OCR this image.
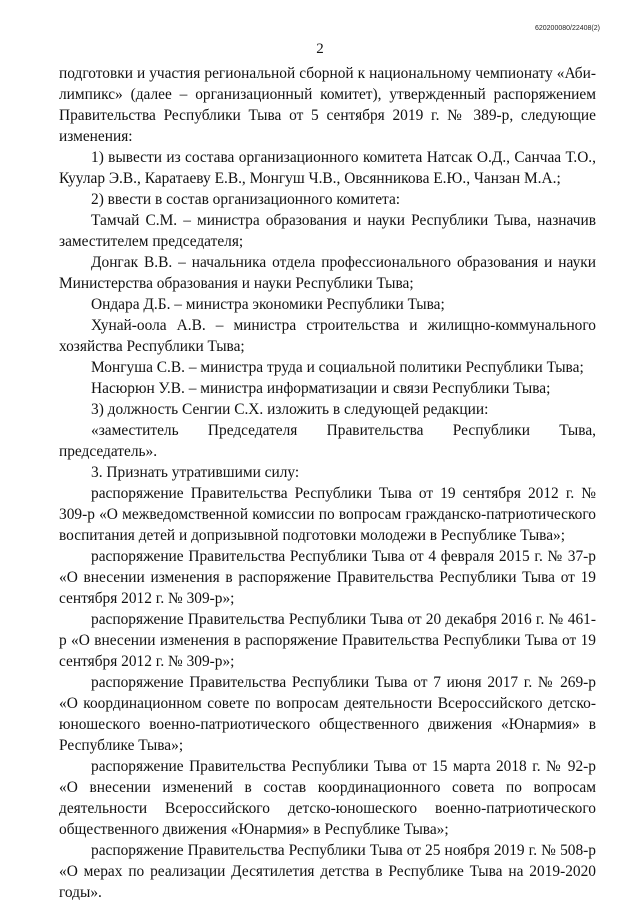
620200080/22408(2)
2

подготовки и участия региональной сборной к национальному чемпионату «Абилимпикс» (далее – организационный комитет), утвержденный распоряжением Правительства Республики Тыва от 5 сентября 2019 г. № 389-р, следующие изменения:

1) вывести из состава организационного комитета Натсак О.Д., Санчаа Т.О., Куулар Э.В., Каратаеву Е.В., Монгуш Ч.В., Овсянникова Е.Ю., Чанзан М.А.;

2) ввести в состав организационного комитета:

Тамчай С.М. – министра образования и науки Республики Тыва, назначив заместителем председателя;

Донгак В.В. – начальника отдела профессионального образования и науки Министерства образования и науки Республики Тыва;

Ондара Д.Б. – министра экономики Республики Тыва;

Хунай-оола А.В. – министра строительства и жилищно-коммунального хозяйства Республики Тыва;

Монгуша С.В. – министра труда и социальной политики Республики Тыва;

Насюрюн У.В. – министра информатизации и связи Республики Тыва;

3) должность Сенгии С.Х. изложить в следующей редакции:

«заместитель Председателя Правительства Республики Тыва, председатель».

3. Признать утратившими силу:

распоряжение Правительства Республики Тыва от 19 сентября 2012 г. № 309-р «О межведомственной комиссии по вопросам гражданско-патриотического воспитания детей и допризывной подготовки молодежи в Республике Тыва»;

распоряжение Правительства Республики Тыва от 4 февраля 2015 г. № 37-р «О внесении изменения в распоряжение Правительства Республики Тыва от 19 сентября 2012 г. № 309-р»;

распоряжение Правительства Республики Тыва от 20 декабря 2016 г. № 461-р «О внесении изменения в распоряжение Правительства Республики Тыва от 19 сентября 2012 г. № 309-р»;

распоряжение Правительства Республики Тыва от 7 июня 2017 г. № 269-р «О координационном совете по вопросам деятельности Всероссийского детско-юношеского военно-патриотического общественного движения «Юнармия» в Республике Тыва»;

распоряжение Правительства Республики Тыва от 15 марта 2018 г. № 92-р «О внесении изменений в состав координационного совета по вопросам деятельности Всероссийского детско-юношеского военно-патриотического общественного движения «Юнармия» в Республике Тыва»;

распоряжение Правительства Республики Тыва от 25 ноября 2019 г. № 508-р «О мерах по реализации Десятилетия детства в Республике Тыва на 2019-2020 годы».
